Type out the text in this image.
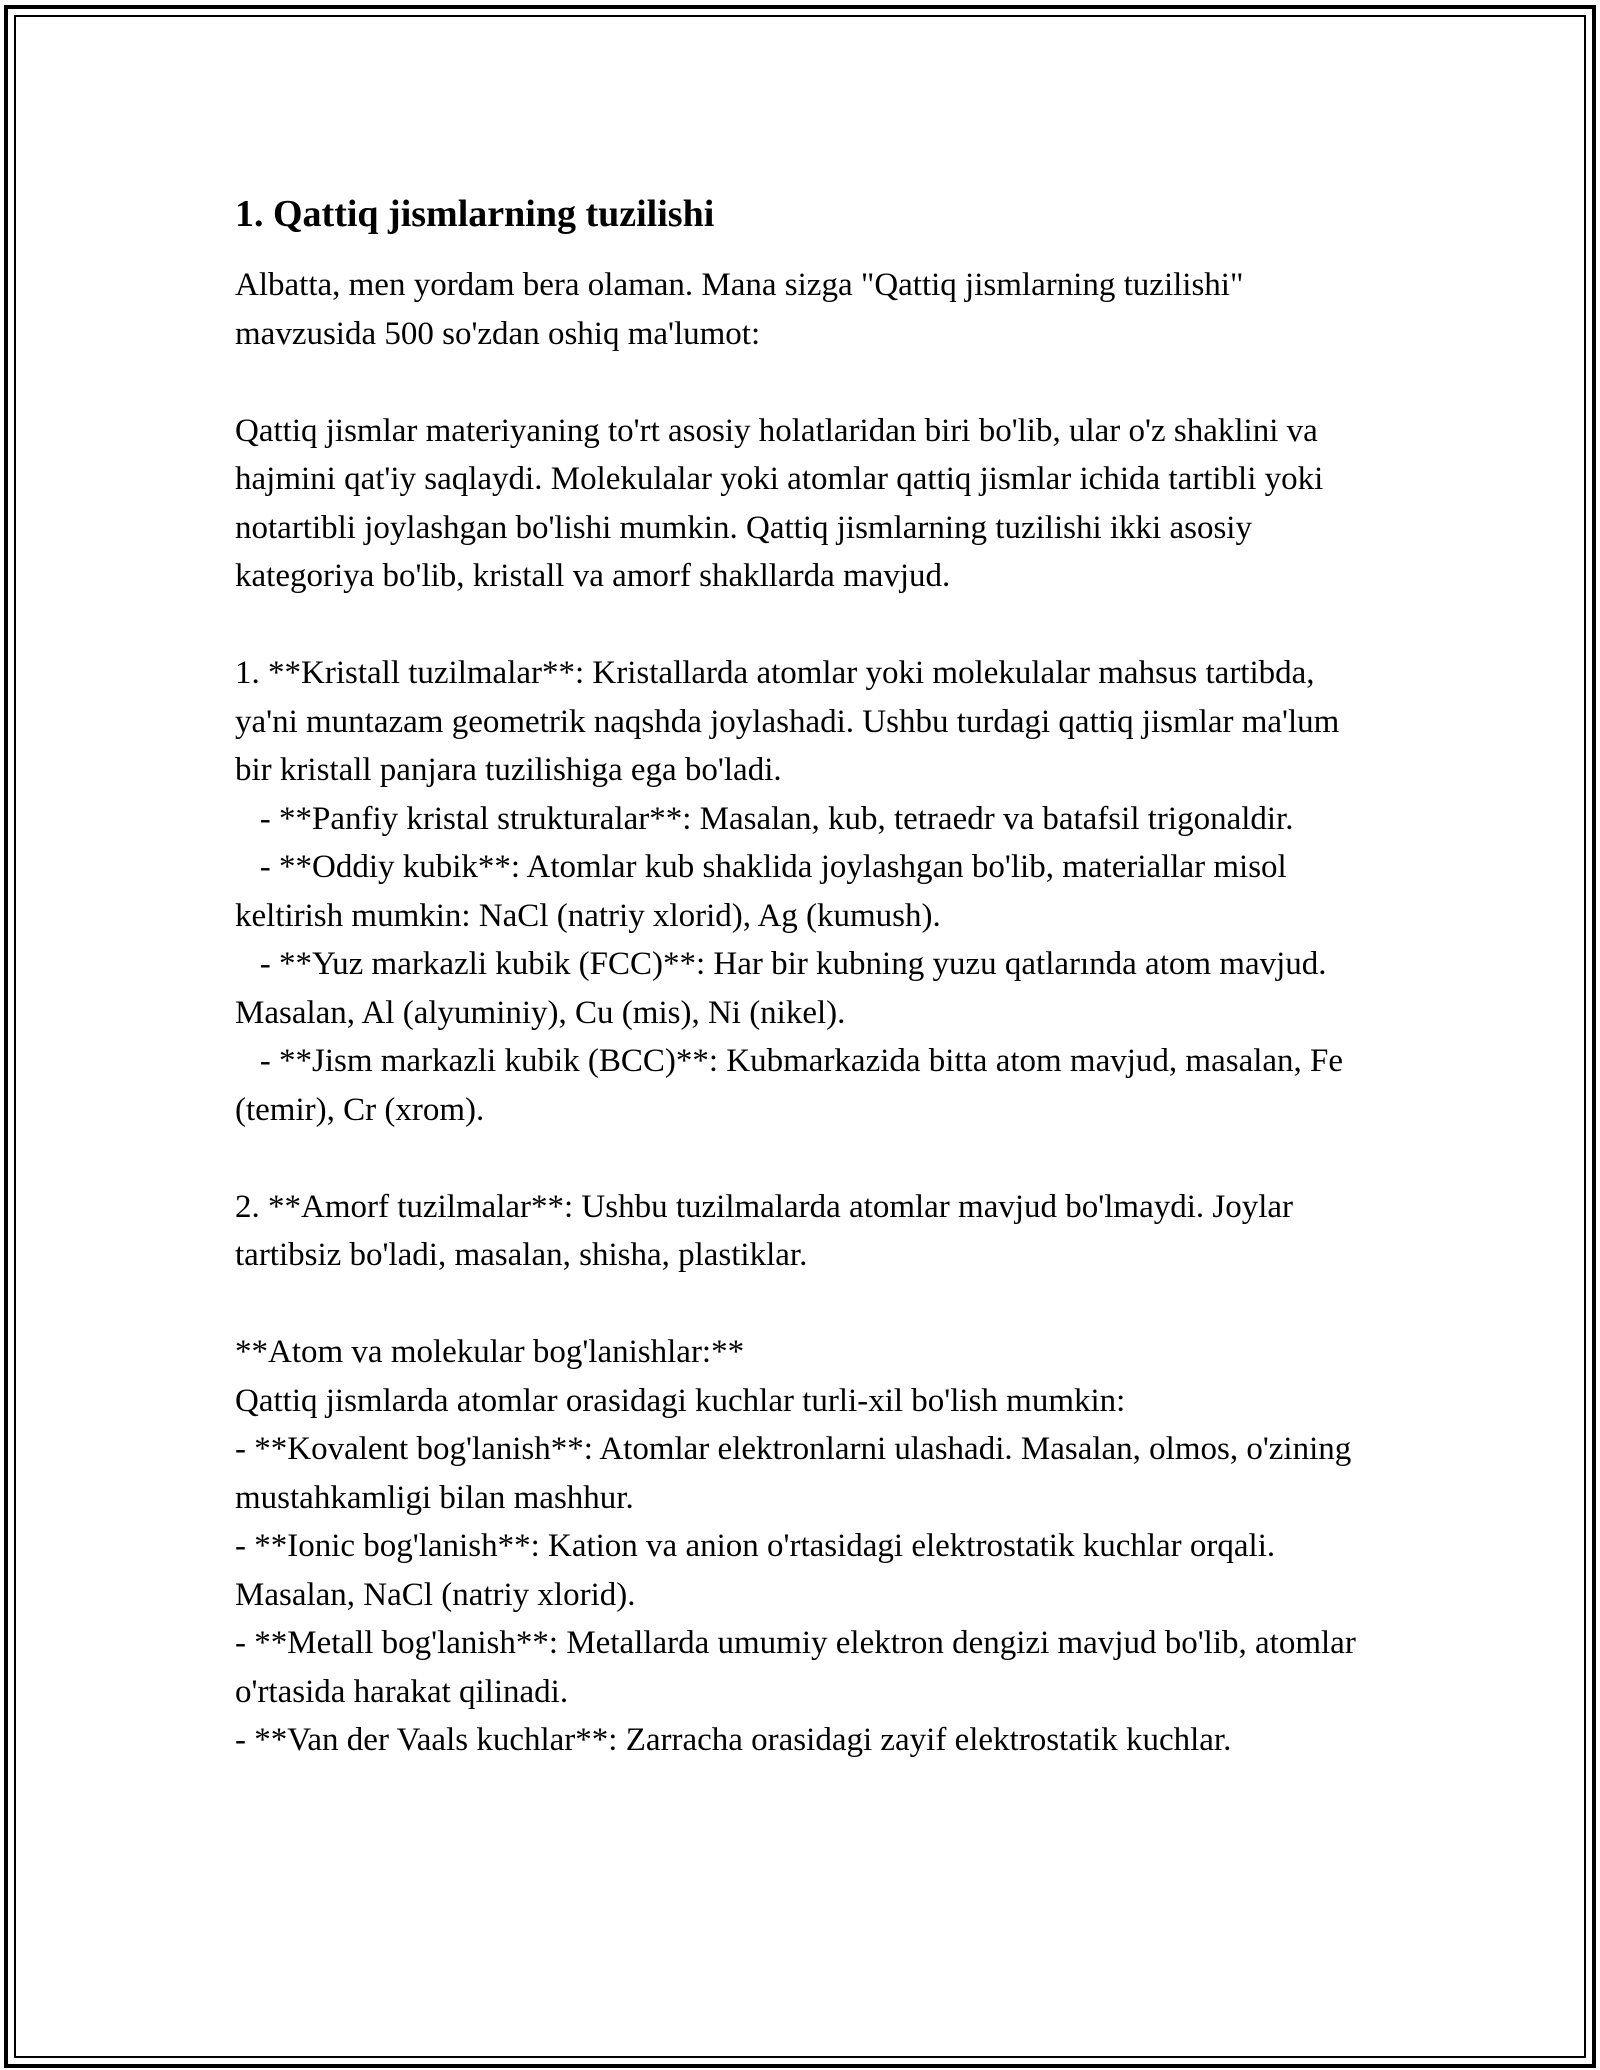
1. Qattiq jismlarning tuzilishi

Albatta, men yordam bera olaman. Mana sizga "Qattiq jismlarning tuzilishi" mavzusida 500 so'zdan oshiq ma'lumot:

Qattiq jismlar materiyaning to'rt asosiy holatlaridan biri bo'lib, ular o'z shaklini va hajmini qat'iy saqlaydi. Molekulalar yoki atomlar qattiq jismlar ichida tartibli yoki notartibli joylashgan bo'lishi mumkin. Qattiq jismlarning tuzilishi ikki asosiy kategoriya bo'lib, kristall va amorf shakllarda mavjud.

1. **Kristall tuzilmalar**: Kristallarda atomlar yoki molekulalar mahsus tartibda, ya'ni muntazam geometrik naqshda joylashadi. Ushbu turdagi qattiq jismlar ma'lum bir kristall panjara tuzilishiga ega bo'ladi.

- **Panfiy kristal strukturalar**: Masalan, kub, tetraedr va batafsil trigonaldir.

- **Oddiy kubik**: Atomlar kub shaklida joylashgan bo'lib, materiallar misol keltirish mumkin: NaCl (natriy xlorid), Ag (kumush).

- **Yuz markazli kubik (FCC)**: Har bir kubning yuzu qatlarında atom mavjud. Masalan, Al (alyuminiy), Cu (mis), Ni (nikel).

- **Jism markazli kubik (BCC)**: Kubmarkazida bitta atom mavjud, masalan, Fe (temir), Cr (xrom).

2. **Amorf tuzilmalar**: Ushbu tuzilmalarda atomlar mavjud bo'lmaydi. Joylar tartibsiz bo'ladi, masalan, shisha, plastiklar.

**Atom va molekular bog'lanishlar:**

Qattiq jismlarda atomlar orasidagi kuchlar turli-xil bo'lish mumkin:

- **Kovalent bog'lanish**: Atomlar elektronlarni ulashadi. Masalan, olmos, o'zining mustahkamligi bilan mashhur.

- **Ionic bog'lanish**: Kation va anion o'rtasidagi elektrostatik kuchlar orqali. Masalan, NaCl (natriy xlorid).

- **Metall bog'lanish**: Metallarda umumiy elektron dengizi mavjud bo'lib, atomlar o'rtasida harakat qilinadi.

- **Van der Vaals kuchlar**: Zarracha orasidagi zayif elektrostatik kuchlar.
